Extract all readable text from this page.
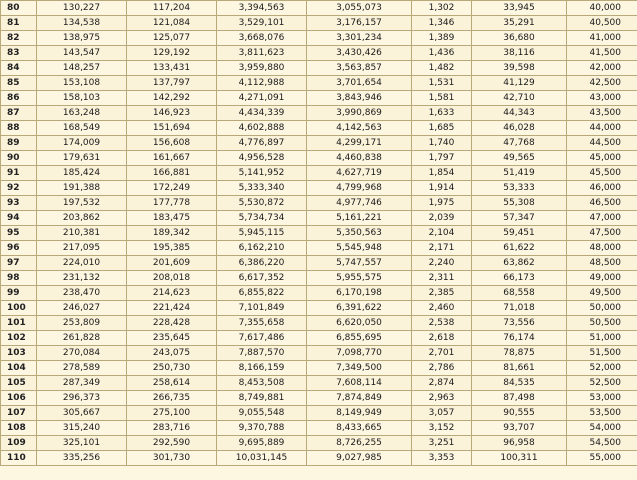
80	130,227	117,204	3,394,563	3,055,073	1,302	33,945	40,000
81	134,538	121,084	3,529,101	3,176,157	1,346	35,291	40,500
82	138,975	125,077	3,668,076	3,301,234	1,389	36,680	41,000
83	143,547	129,192	3,811,623	3,430,426	1,436	38,116	41,500
84	148,257	133,431	3,959,880	3,563,857	1,482	39,598	42,000
85	153,108	137,797	4,112,988	3,701,654	1,531	41,129	42,500
86	158,103	142,292	4,271,091	3,843,946	1,581	42,710	43,000
87	163,248	146,923	4,434,339	3,990,869	1,633	44,343	43,500
88	168,549	151,694	4,602,888	4,142,563	1,685	46,028	44,000
89	174,009	156,608	4,776,897	4,299,171	1,740	47,768	44,500
90	179,631	161,667	4,956,528	4,460,838	1,797	49,565	45,000
91	185,424	166,881	5,141,952	4,627,719	1,854	51,419	45,500
92	191,388	172,249	5,333,340	4,799,968	1,914	53,333	46,000
93	197,532	177,778	5,530,872	4,977,746	1,975	55,308	46,500
94	203,862	183,475	5,734,734	5,161,221	2,039	57,347	47,000
95	210,381	189,342	5,945,115	5,350,563	2,104	59,451	47,500
96	217,095	195,385	6,162,210	5,545,948	2,171	61,622	48,000
97	224,010	201,609	6,386,220	5,747,557	2,240	63,862	48,500
98	231,132	208,018	6,617,352	5,955,575	2,311	66,173	49,000
99	238,470	214,623	6,855,822	6,170,198	2,385	68,558	49,500
100	246,027	221,424	7,101,849	6,391,622	2,460	71,018	50,000
101	253,809	228,428	7,355,658	6,620,050	2,538	73,556	50,500
102	261,828	235,645	7,617,486	6,855,695	2,618	76,174	51,000
103	270,084	243,075	7,887,570	7,098,770	2,701	78,875	51,500
104	278,589	250,730	8,166,159	7,349,500	2,786	81,661	52,000
105	287,349	258,614	8,453,508	7,608,114	2,874	84,535	52,500
106	296,373	266,735	8,749,881	7,874,849	2,963	87,498	53,000
107	305,667	275,100	9,055,548	8,149,949	3,057	90,555	53,500
108	315,240	283,716	9,370,788	8,433,665	3,152	93,707	54,000
109	325,101	292,590	9,695,889	8,726,255	3,251	96,958	54,500
110	335,256	301,730	10,031,145	9,027,985	3,353	100,311	55,000
